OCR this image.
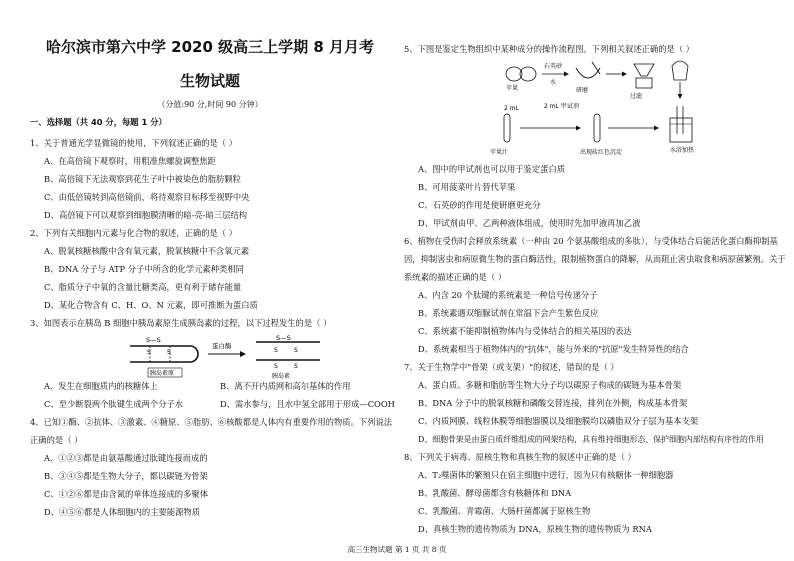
哈尔滨市第六中学 2020 级高三上学期 8 月月考
生物试题
（分值:90 分,时间 90 分钟）
一、选择题（共 40 分，每题 1 分）
1、关于普通光学显微镜的使用，下列叙述正确的是（ ）
A、在高倍镜下观察时，用粗准焦螺旋调整焦距
B、高倍镜下无法观察到花生子叶中被染色的脂肪颗粒
C、由低倍镜转到高倍镜前，将待观察目标移至视野中央
D、高倍镜下可以观察到细胞膜清晰的暗-亮-暗三层结构
2、下列有关细胞内元素与化合物的叙述，正确的是（ ）
A、脱氧核糖核酸中含有氧元素，脱氧核糖中不含氧元素
B、DNA 分子与 ATP 分子中所含的化学元素种类相同
C、脂质分子中氧的含量比糖类高，更有利于储存能量
D、某化合物含有 C、H、O、N 元素，即可推断为蛋白质
3、如图表示在胰岛 B 细胞中胰岛素原生成胰岛素的过程，以下过程发生的是（ ）
S—S
S	S
胰岛素原
蛋白酶
S—S
S	S
S	S
胰岛素
A、发生在细胞质内的核糖体上	B、离不开内质网和高尔基体的作用
C、至少断裂两个肽键生成两个分子水	D、需水参与，且水中氢全部用于形成—COOH
4、已知①酶、②抗体、③激素、④糖原、⑤脂肪、⑥核酸都是人体内有重要作用的物质。下列说法
正确的是（ ）
A、①②③都是由氨基酸通过肽键连接而成的
B、③④⑤都是生物大分子，都以碳链为骨架
C、①②⑥都是由含氮的单体连接成的多聚体
D、④⑤⑥都是人体细胞内的主要能源物质
5、下图是鉴定生物组织中某种成分的操作流程图。下列相关叙述正确的是（ ）
苹果
石英砂
水
研磨
过滤
水浴加热
苹果汁
2 mL	2 mL 甲试剂
出现砖红色沉淀
A、图中的甲试剂也可以用于鉴定蛋白质
B、可用菠菜叶片替代苹果
C、石英砂的作用是使研磨更充分
D、甲试剂由甲、乙两种液体组成，使用时先加甲液再加乙液
6、植物在受伤时会释放系统素（一种由 20 个氨基酸组成的多肽），与受体结合后能活化蛋白酶抑制基
因，抑制害虫和病原微生物的蛋白酶活性，限制植物蛋白的降解，从而阻止害虫取食和病原菌繁殖。关于
系统素的描述正确的是（ ）
A、内含 20 个肽键的系统素是一种信号传递分子
B、系统素遇双缩脲试剂在常温下会产生紫色反应
C、系统素不能抑制植物体内与受体结合的相关基因的表达
D、系统素相当于植物体内的"抗体"，能与外来的"抗原"发生特异性的结合
7、关于生物学中"骨架（或支架）"的叙述，错误的是（ ）
A、蛋白质、多糖和脂肪等生物大分子均以碳原子构成的碳链为基本骨架
B、DNA 分子中的脱氧核糖和磷酸交替连接，排列在外侧，构成基本骨架
C、内质网膜、线粒体膜等细胞器膜以及细胞膜均以磷脂双分子层为基本支架
D、细胞骨架是由蛋白质纤维组成的网架结构，具有维持细胞形态、保护细胞内部结构有序性的作用
8、下列关于病毒、原核生物和真核生物的叙述中正确的是（ ）
A、T₂噬菌体的繁殖只在宿主细胞中进行，因为只有核糖体一种细胞器
B、乳酸菌、酵母菌都含有核糖体和 DNA
C、乳酸菌、青霉菌、大肠杆菌都属于原核生物
D、真核生物的遗传物质为 DNA，原核生物的遗传物质为 RNA
高三生物试题 第 1 页 共 8 页
